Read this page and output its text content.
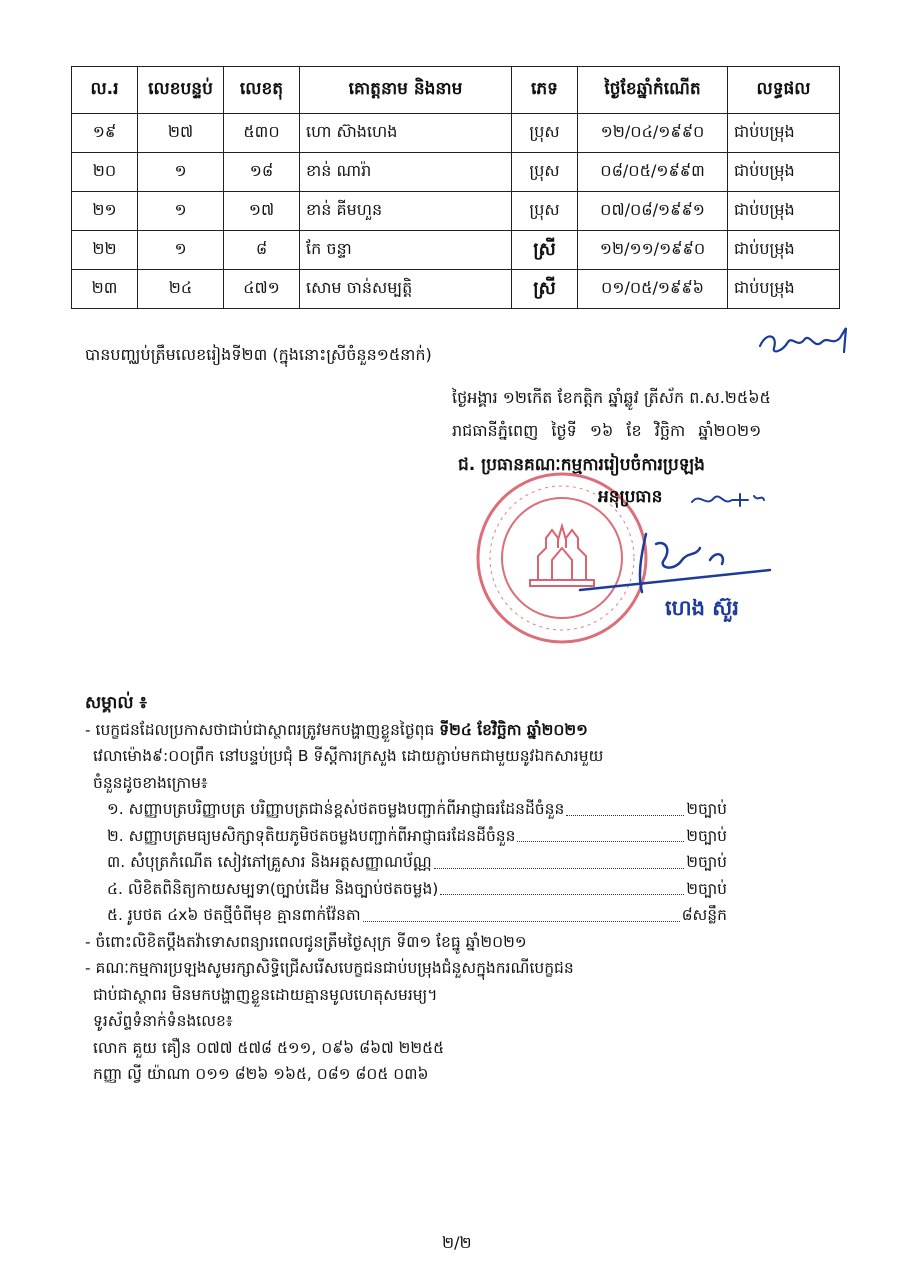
ល.រ	លេខបន្ទប់	លេខតុ	គោត្តនាម និងនាម	ភេទ	ថ្ងៃខែឆ្នាំកំណើត	លទ្ធផល
១៩	២៧	៥៣០	ហោ ស៊ាងហេង	ប្រុស	១២/០៤/១៩៩០	ជាប់បម្រុង
២០	១	១៨	ខាន់ ណារ៉ា	ប្រុស	០៨/០៥/១៩៩៣	ជាប់បម្រុង
២១	១	១៧	ខាន់ គីមហួន	ប្រុស	០៧/០៨/១៩៩១	ជាប់បម្រុង
២២	១	៨	កែ ចន្ទា	ស្រី	១២/១១/១៩៩០	ជាប់បម្រុង
២៣	២៤	៤៧១	សោម ចាន់សម្បត្តិ	ស្រី	០១/០៥/១៩៩៦	ជាប់បម្រុង
បានបញ្ឈប់ត្រឹមលេខរៀងទី២៣ (ក្នុងនោះស្រីចំនួន១៥នាក់)
ថ្ងៃអង្គារ ១២កើត ខែកត្តិក ឆ្នាំឆ្លូវ ត្រីស័ក ព.ស.២៥៦៥
រាជធានីភ្នំពេញ ថ្ងៃទី ១៦ ខែ វិច្ឆិកា ឆ្នាំ២០២១
ជ. ប្រធានគណៈកម្មការរៀបចំការប្រឡង
អនុប្រធាន
ហេង ស៊ួរ
សម្គាល់ ៖
- បេក្ខជនដែលប្រកាសថាជាប់ជាស្ថាពរត្រូវមកបង្ហាញខ្លួនថ្ងៃពុធ ទី២៤ ខែវិច្ឆិកា ឆ្នាំ២០២១
វេលាម៉ោង៩:០០ព្រឹក នៅបន្ទប់ប្រជុំ B ទីស្តីការក្រសួង ដោយភ្ជាប់មកជាមួយនូវឯកសារមួយ
ចំនួនដូចខាងក្រោម៖
១. សញ្ញាបត្របរិញ្ញាបត្រ បរិញ្ញាបត្រជាន់ខ្ពស់ថតចម្លងបញ្ជាក់ពីអាជ្ញាធរដែនដីចំនួន	២ច្បាប់
២. សញ្ញាបត្រមធ្យមសិក្សាទុតិយភូមិថតចម្លងបញ្ជាក់ពីអាជ្ញាធរដែនដីចំនួន	២ច្បាប់
៣. សំបុត្រកំណើត សៀវភៅគ្រួសារ និងអត្តសញ្ញាណប័ណ្ណ	២ច្បាប់
៤. លិខិតពិនិត្យកាយសម្បទា(ច្បាប់ដើម និងច្បាប់ថតចម្លង)	២ច្បាប់
៥. រូបថត ៤x៦ ថតថ្មីចំពីមុខ គ្មានពាក់វ៉ែនតា	៨សន្លឹក
- ចំពោះលិខិតប្តឹងតវ៉ាទោសពន្យារពេលជូនត្រឹមថ្ងៃសុក្រ ទី៣១ ខែធ្នូ ឆ្នាំ២០២១
- គណៈកម្មការប្រឡងសូមរក្សាសិទ្ធិជ្រើសរើសបេក្ខជនជាប់បម្រុងជំនួសក្នុងករណីបេក្ខជន
ជាប់ជាស្ថាពរ មិនមកបង្ហាញខ្លួនដោយគ្មានមូលហេតុសមរម្យ។
ទូរស័ព្ទទំនាក់ទំនងលេខ៖
លោក គួយ គឿន ០៧៧ ៥៧៨ ៥១១, ០៩៦ ៨៦៧ ២២៥៥
កញ្ញា ល្វី យ៉ាណា ០១១ ៨២៦ ១៦៥, ០៨១ ៨០៥ ០៣៦
២/២
